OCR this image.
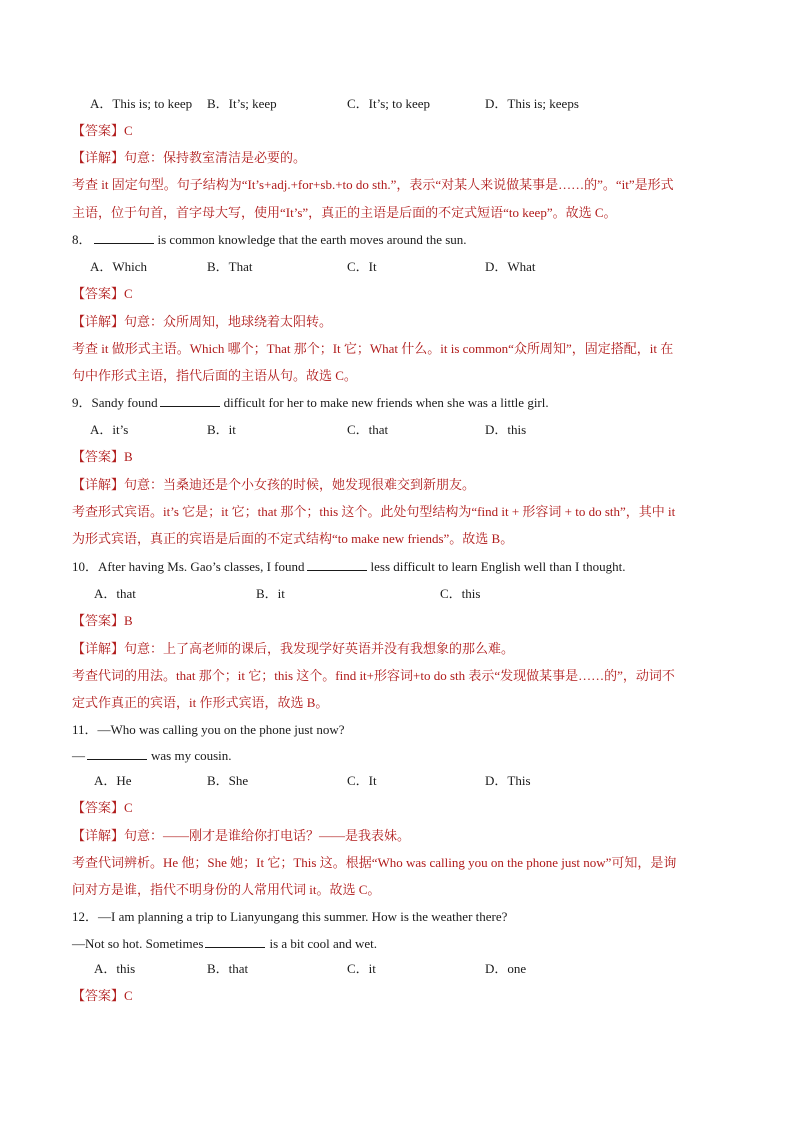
A．This is; to keep B．It’s; keep	C．It’s; to keep	D．This is; keeps
【答案】C
【详解】句意：保持教室清洁是必要的。
考查 it 固定句型。句子结构为“It’s+adj.+for+sb.+to do sth.”，表示“对某人来说做某事是……的”。“it”是形式
主语，位于句首，首字母大写，使用“It’s”，真正的主语是后面的不定式短语“to keep”。故选 C。
8．	is common knowledge that the earth moves around the sun.
A．Which	B．That	C．It	D．What
【答案】C
【详解】句意：众所周知，地球绕着太阳转。
考查 it 做形式主语。Which 哪个；That 那个；It 它；What 什么。it is common“众所周知”，固定搭配，it 在
句中作形式主语，指代后面的主语从句。故选 C。
9．Sandy found	difficult for her to make new friends when she was a little girl.
A．it’s	B．it	C．that	D．this
【答案】B
【详解】句意：当桑迪还是个小女孩的时候，她发现很难交到新朋友。
考查形式宾语。it’s 它是；it 它；that 那个；this 这个。此处句型结构为“find it + 形容词 + to do sth”，其中 it
为形式宾语，真正的宾语是后面的不定式结构“to make new friends”。故选 B。
10．After having Ms. Gao’s classes, I found	less difficult to learn English well than I thought.
A．that	B．it	C．this
【答案】B
【详解】句意：上了高老师的课后，我发现学好英语并没有我想象的那么难。
考查代词的用法。that 那个；it 它；this 这个。find it+形容词+to do sth 表示“发现做某事是……的”，动词不
定式作真正的宾语，it 作形式宾语，故选 B。
11．—Who was calling you on the phone just now?
—	was my cousin.
A．He	B．She	C．It	D．This
【答案】C
【详解】句意：——刚才是谁给你打电话？——是我表妹。
考查代词辨析。He 他；She 她；It 它；This 这。根据“Who was calling you on the phone just now”可知，是询
问对方是谁，指代不明身份的人常用代词 it。故选 C。
12．—I am planning a trip to Lianyungang this summer. How is the weather there?
—Not so hot. Sometimes	is a bit cool and wet.
A．this	B．that	C．it	D．one
【答案】C
